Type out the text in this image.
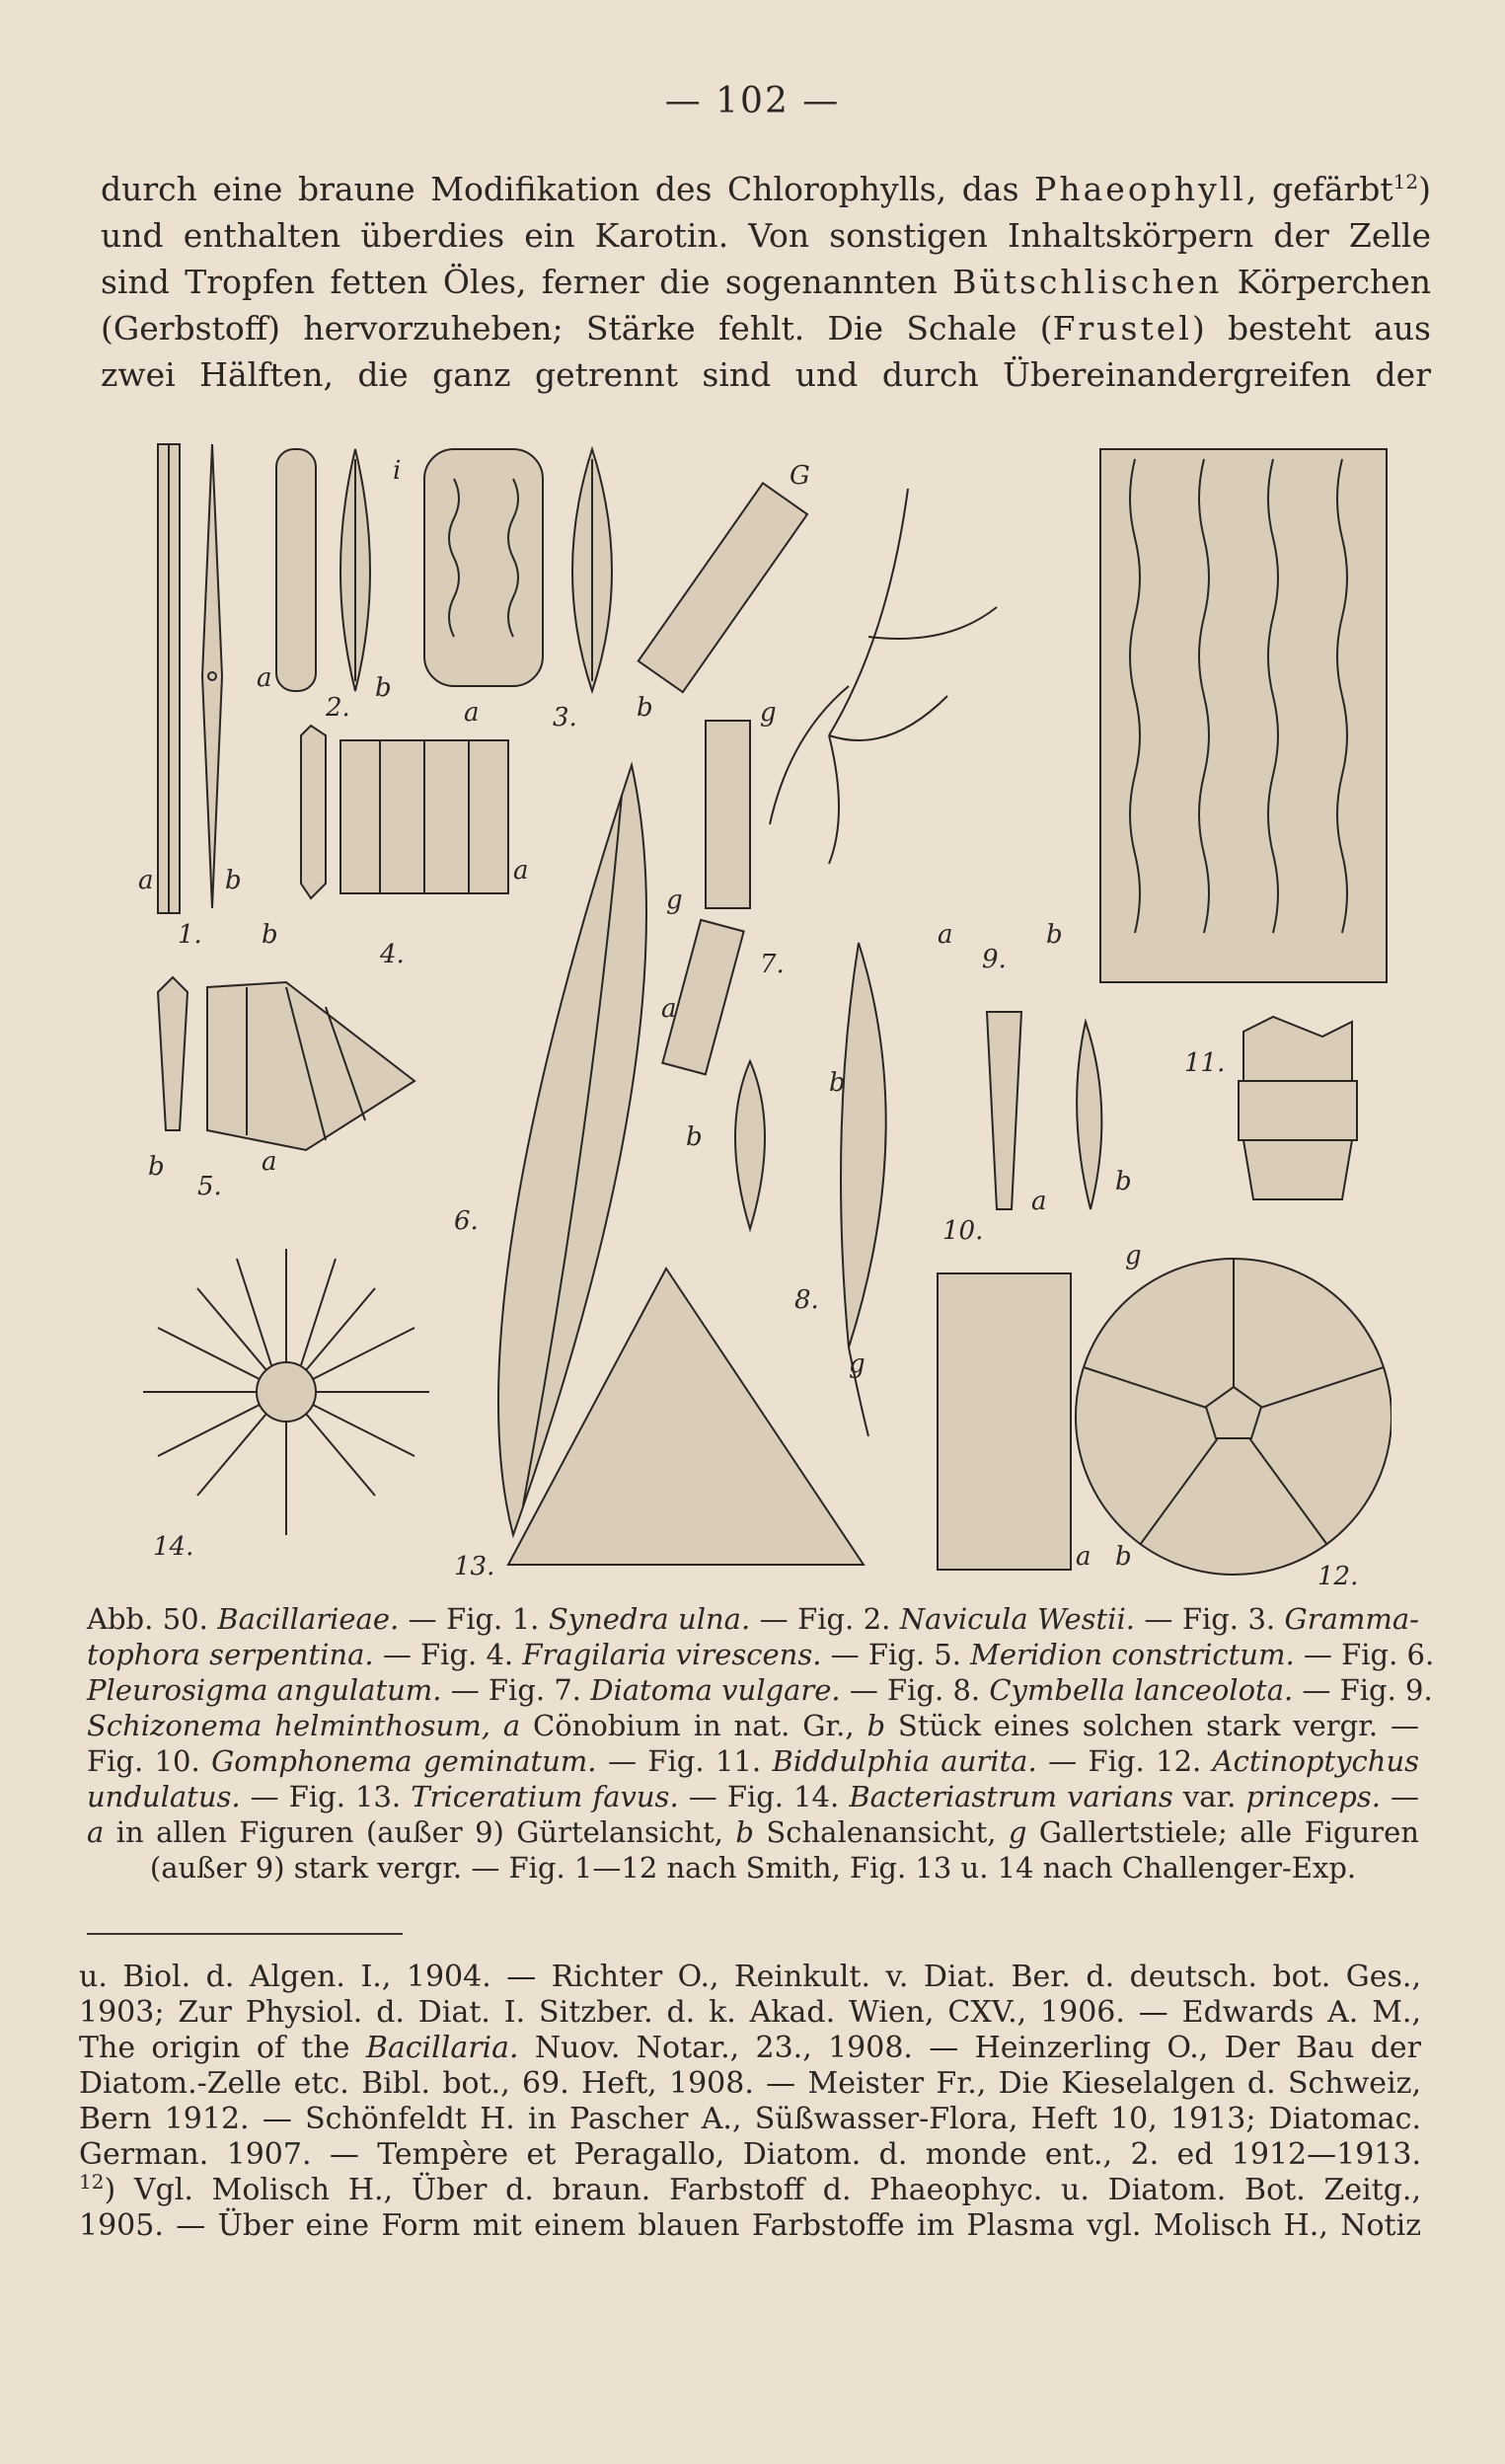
— 102 —
durch eine braune Modifikation des Chlorophylls, das Phaeophyll, gefärbt$^{12}$)
und enthalten überdies ein Karotin. Von sonstigen Inhaltskörpern der Zelle
sind Tropfen fetten Öles, ferner die sogenannten Bütschlischen Körperchen
(Gerbstoff) hervorzuheben; Stärke fehlt. Die Schale (Frustel) besteht aus
zwei Hälften, die ganz getrennt sind und durch Übereinandergreifen der
a
1.
b
a
2.
b
i
a	3. b
b
4.
a
b
5.
a
6.
G
g
g
7.
a
b
b
8.
g
a
9.
b
10.
a
b
g
11.
a b
12.
13.
14.
Abb. 50. Bacillarieae. — Fig. 1. Synedra ulna. — Fig. 2. Navicula Westii. — Fig. 3. Gramma-
tophora serpentina. — Fig. 4. Fragilaria virescens. — Fig. 5. Meridion constrictum. — Fig. 6.
Pleurosigma angulatum. — Fig. 7. Diatoma vulgare. — Fig. 8. Cymbella lanceolota. — Fig. 9.
Schizonema helminthosum, a Cönobium in nat. Gr., b Stück eines solchen stark vergr. —
Fig. 10. Gomphonema geminatum. — Fig. 11. Biddulphia aurita. — Fig. 12. Actinoptychus
undulatus. — Fig. 13. Triceratium favus. — Fig. 14. Bacteriastrum varians var. princeps. —
a in allen Figuren (außer 9) Gürtelansicht, b Schalenansicht, g Gallertstiele; alle Figuren
(außer 9) stark vergr. — Fig. 1—12 nach Smith, Fig. 13 u. 14 nach Challenger-Exp.
u. Biol. d. Algen. I., 1904. — Richter O., Reinkult. v. Diat. Ber. d. deutsch. bot. Ges.,
1903; Zur Physiol. d. Diat. I. Sitzber. d. k. Akad. Wien, CXV., 1906. — Edwards A. M.,
The origin of the Bacillaria. Nuov. Notar., 23., 1908. — Heinzerling O., Der Bau der
Diatom.-Zelle etc. Bibl. bot., 69. Heft, 1908. — Meister Fr., Die Kieselalgen d. Schweiz,
Bern 1912. — Schönfeldt H. in Pascher A., Süßwasser-Flora, Heft 10, 1913; Diatomac.
German. 1907. — Tempère et Peragallo, Diatom. d. monde ent., 2. ed 1912—1913.
$^{12}$) Vgl. Molisch H., Über d. braun. Farbstoff d. Phaeophyc. u. Diatom. Bot. Zeitg.,
1905. — Über eine Form mit einem blauen Farbstoffe im Plasma vgl. Molisch H., Notiz
